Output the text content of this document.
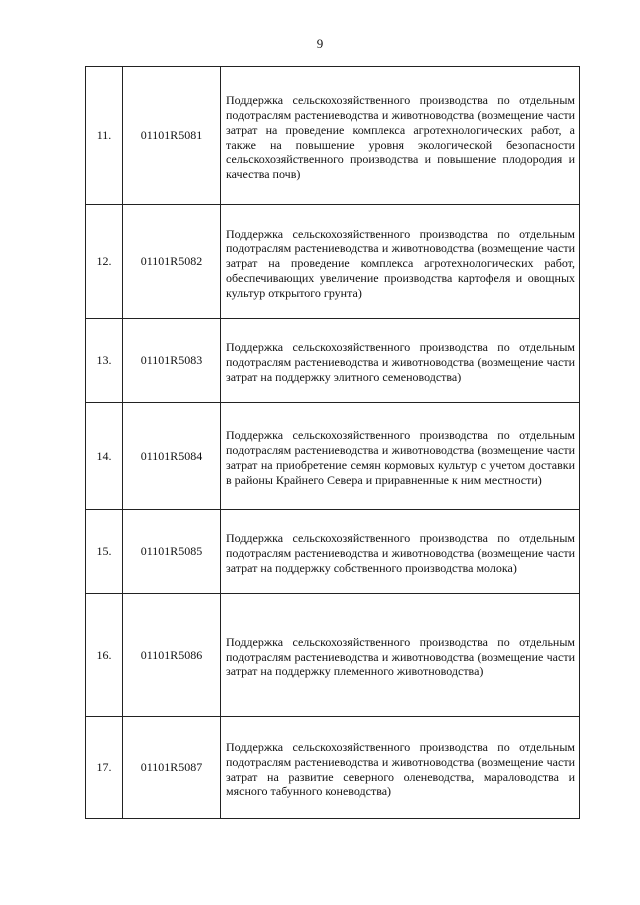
9
11.	01101R5081	Поддержка сельскохозяйственного производства по отдельным подотраслям растениеводства и животноводства (возмещение части затрат на проведение комплекса агротехнологических работ, а также на повышение уровня экологической безопасности сельскохозяйственного производства и повышение плодородия и качества почв)

12.	01101R5082	Поддержка сельскохозяйственного производства по отдельным подотраслям растениеводства и животноводства (возмещение части затрат на проведение комплекса агротехнологических работ, обеспечивающих увеличение производства картофеля и овощных культур открытого грунта)

13.	01101R5083	Поддержка сельскохозяйственного производства по отдельным подотраслям растениеводства и животноводства (возмещение части затрат на поддержку элитного семеноводства)

14.	01101R5084	Поддержка сельскохозяйственного производства по отдельным подотраслям растениеводства и животноводства (возмещение части затрат на приобретение семян кормовых культур с учетом доставки в районы Крайнего Севера и приравненные к ним местности)

15.	01101R5085	Поддержка сельскохозяйственного производства по отдельным подотраслям растениеводства и животноводства (возмещение части затрат на поддержку собственного производства молока)

16.	01101R5086	Поддержка сельскохозяйственного производства по отдельным подотраслям растениеводства и животноводства (возмещение части затрат на поддержку племенного животноводства)

17.	01101R5087	Поддержка сельскохозяйственного производства по отдельным подотраслям растениеводства и животноводства (возмещение части затрат на развитие северного оленеводства, мараловодства и мясного табунного коневодства)
